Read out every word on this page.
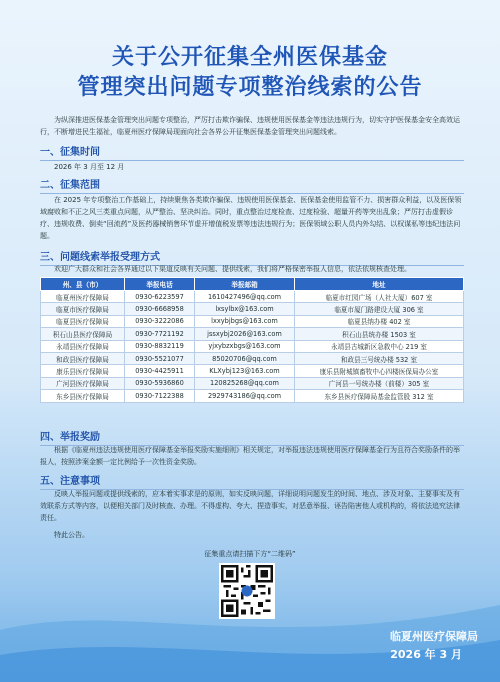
关于公开征集全州医保基金
管理突出问题专项整治线索的公告
为纵深推进医保基金管理突出问题专项整治，严厉打击欺诈骗保、违规使用医保基金等违法违规行为，切实守护医保基金安全高效运行，不断增进民生福祉，临夏州医疗保障局现面向社会各界公开征集医保基金管理突出问题线索。
一、征集时间
2026 年 3 月至 12 月
二、征集范围
在 2025 年专项整治工作基础上，持续聚焦各类欺诈骗保、违规使用医保基金、医保基金使用监管不力、损害群众利益，以及医保领域腐败和不正之风三类重点问题，从严整治、坚决纠治。同时，重点整治过度检查、过度检验、超量开药等突出乱象；严厉打击虚假诊疗、违规收费、倒卖“回流药”及医药器械销售环节虚开增值税发票等违法违规行为；医保领域公职人员内外勾结、以权谋私等违纪违法问题。
三、问题线索举报受理方式
欢迎广大群众和社会各界通过以下渠道反映有关问题、提供线索，我们将严格保密举报人信息，依法依规核查处理。
州、县（市）	举报电话	举报邮箱	地址
临夏州医疗保障局	0930-6223597	1610427496@qq.com	临夏市红园广场（人社大厦）607 室
临夏市医疗保障局	0930-6668958	lxsylbx@163.com	临夏市厦门路建设大厦 306 室
临夏县医疗保障局	0930-3222086	lxxybjbgs@163.com	临夏县纳办楼 402 室
积石山县医疗保障局	0930-7721192	jssxybj2026@163.com	积石山县统办楼 1503 室
永靖县医疗保障局	0930-8832119	yjxybzxbgs@163.com	永靖县古城新区急救中心 219 室
和政县医疗保障局	0930-5521077	85020706@qq.com	和政县三号统办楼 532 室
康乐县医疗保障局	0930-4425911	KLXybj123@163.com	康乐县附城镇畜牧中心四楼医保局办公室
广河县医疗保障局	0930-5936860	120825268@qq.com	广河县一号统办楼（前楼）305 室
东乡县医疗保障局	0930-7122388	2929743186@qq.com	东乡县医疗保障局基金监管股 312 室
四、举报奖励
根据《临夏州违法违规使用医疗保障基金举报奖励实施细则》相关规定，对举报违法违规使用医疗保障基金行为且符合奖励条件的举报人，按照涉案金额一定比例给予一次性资金奖励。
五、注意事项
反映人举报问题或提供线索的，应本着实事求是的原则，如实反映问题，详细说明问题发生的时间、地点、涉及对象、主要事实及有效联系方式等内容，以便相关部门及时核查、办理。不得虚构、夸大、捏造事实，对恶意举报、诬告陷害他人或机构的，将依法追究法律责任。
特此公告。
征集重点请扫描下方“二维码”
临夏州医疗保障局
2026 年 3 月
